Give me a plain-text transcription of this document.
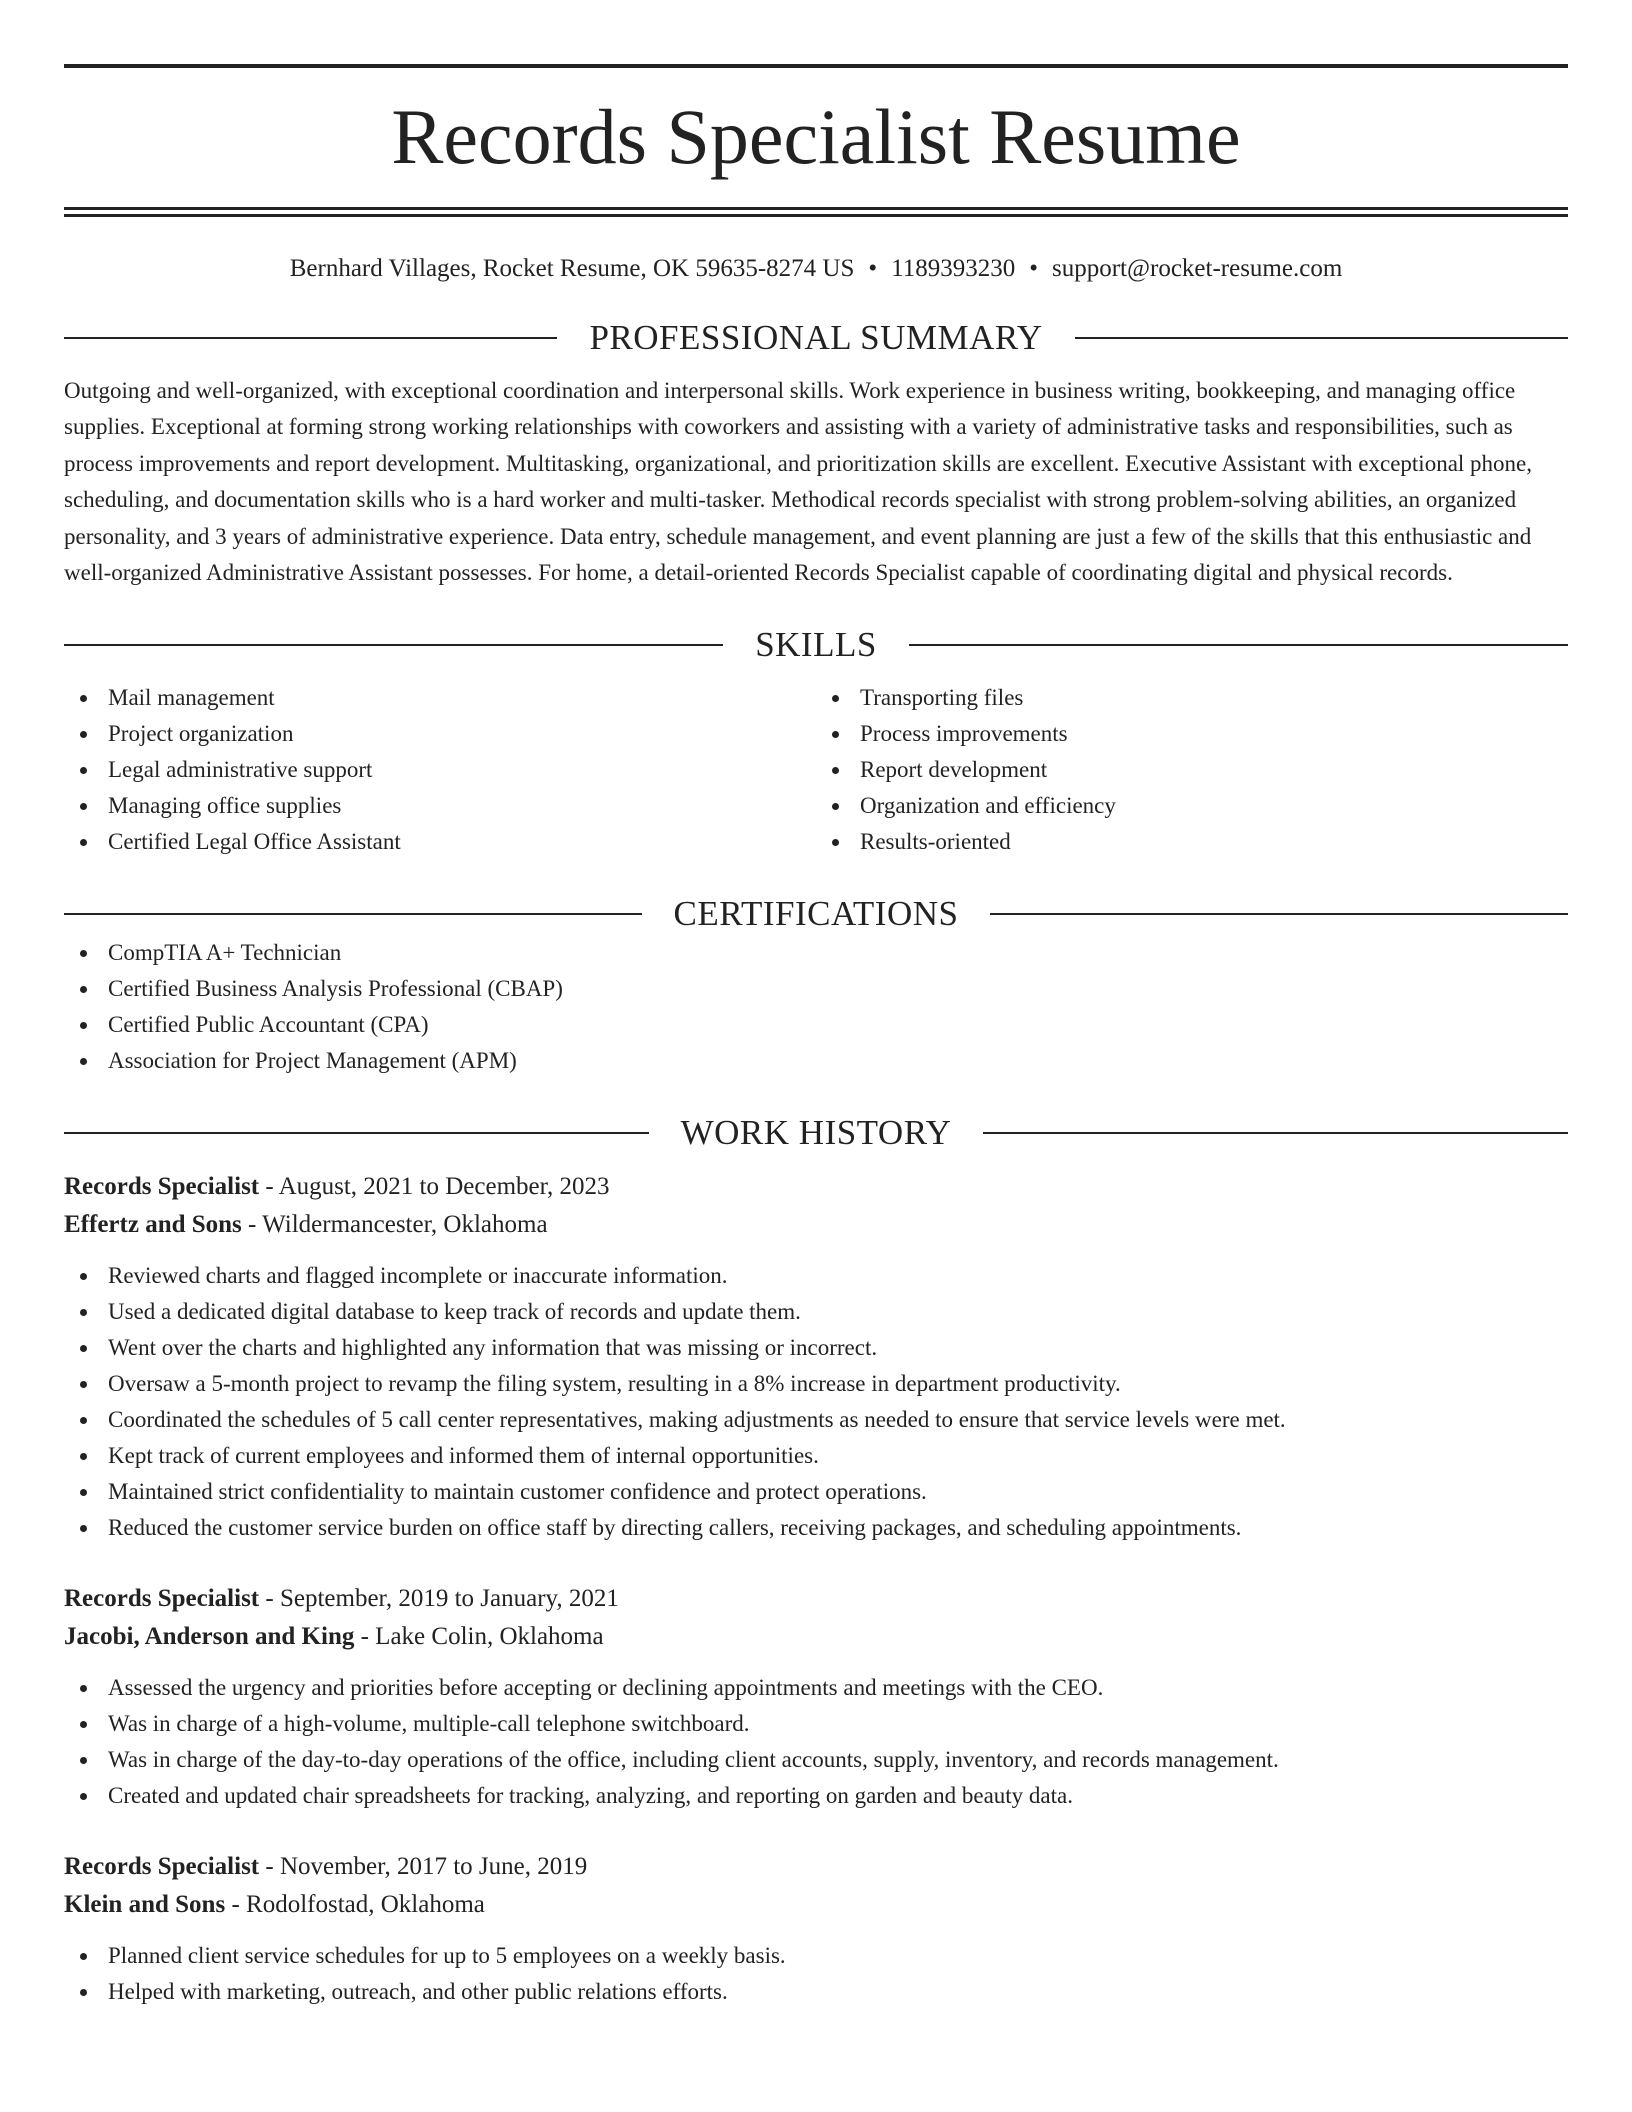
Records Specialist Resume
Bernhard Villages, Rocket Resume, OK 59635-8274 US • 1189393230 • support@rocket-resume.com
PROFESSIONAL SUMMARY

Outgoing and well-organized, with exceptional coordination and interpersonal skills. Work experience in business writing, bookkeeping, and managing office supplies. Exceptional at forming strong working relationships with coworkers and assisting with a variety of administrative tasks and responsibilities, such as process improvements and report development. Multitasking, organizational, and prioritization skills are excellent. Executive Assistant with exceptional phone, scheduling, and documentation skills who is a hard worker and multi-tasker. Methodical records specialist with strong problem-solving abilities, an organized personality, and 3 years of administrative experience. Data entry, schedule management, and event planning are just a few of the skills that this enthusiastic and well-organized Administrative Assistant possesses. For home, a detail-oriented Records Specialist capable of coordinating digital and physical records.

SKILLS
Mail management
Project organization
Legal administrative support
Managing office supplies
Certified Legal Office Assistant
Transporting files
Process improvements
Report development
Organization and efficiency
Results-oriented
CERTIFICATIONS
CompTIA A+ Technician
Certified Business Analysis Professional (CBAP)
Certified Public Accountant (CPA)
Association for Project Management (APM)
WORK HISTORY
Records Specialist - August, 2021 to December, 2023
Effertz and Sons - Wildermancester, Oklahoma
Reviewed charts and flagged incomplete or inaccurate information.
Used a dedicated digital database to keep track of records and update them.
Went over the charts and highlighted any information that was missing or incorrect.
Oversaw a 5-month project to revamp the filing system, resulting in a 8% increase in department productivity.
Coordinated the schedules of 5 call center representatives, making adjustments as needed to ensure that service levels were met.
Kept track of current employees and informed them of internal opportunities.
Maintained strict confidentiality to maintain customer confidence and protect operations.
Reduced the customer service burden on office staff by directing callers, receiving packages, and scheduling appointments.
Records Specialist - September, 2019 to January, 2021
Jacobi, Anderson and King - Lake Colin, Oklahoma
Assessed the urgency and priorities before accepting or declining appointments and meetings with the CEO.
Was in charge of a high-volume, multiple-call telephone switchboard.
Was in charge of the day-to-day operations of the office, including client accounts, supply, inventory, and records management.
Created and updated chair spreadsheets for tracking, analyzing, and reporting on garden and beauty data.
Records Specialist - November, 2017 to June, 2019
Klein and Sons - Rodolfostad, Oklahoma
Planned client service schedules for up to 5 employees on a weekly basis.
Helped with marketing, outreach, and other public relations efforts.
